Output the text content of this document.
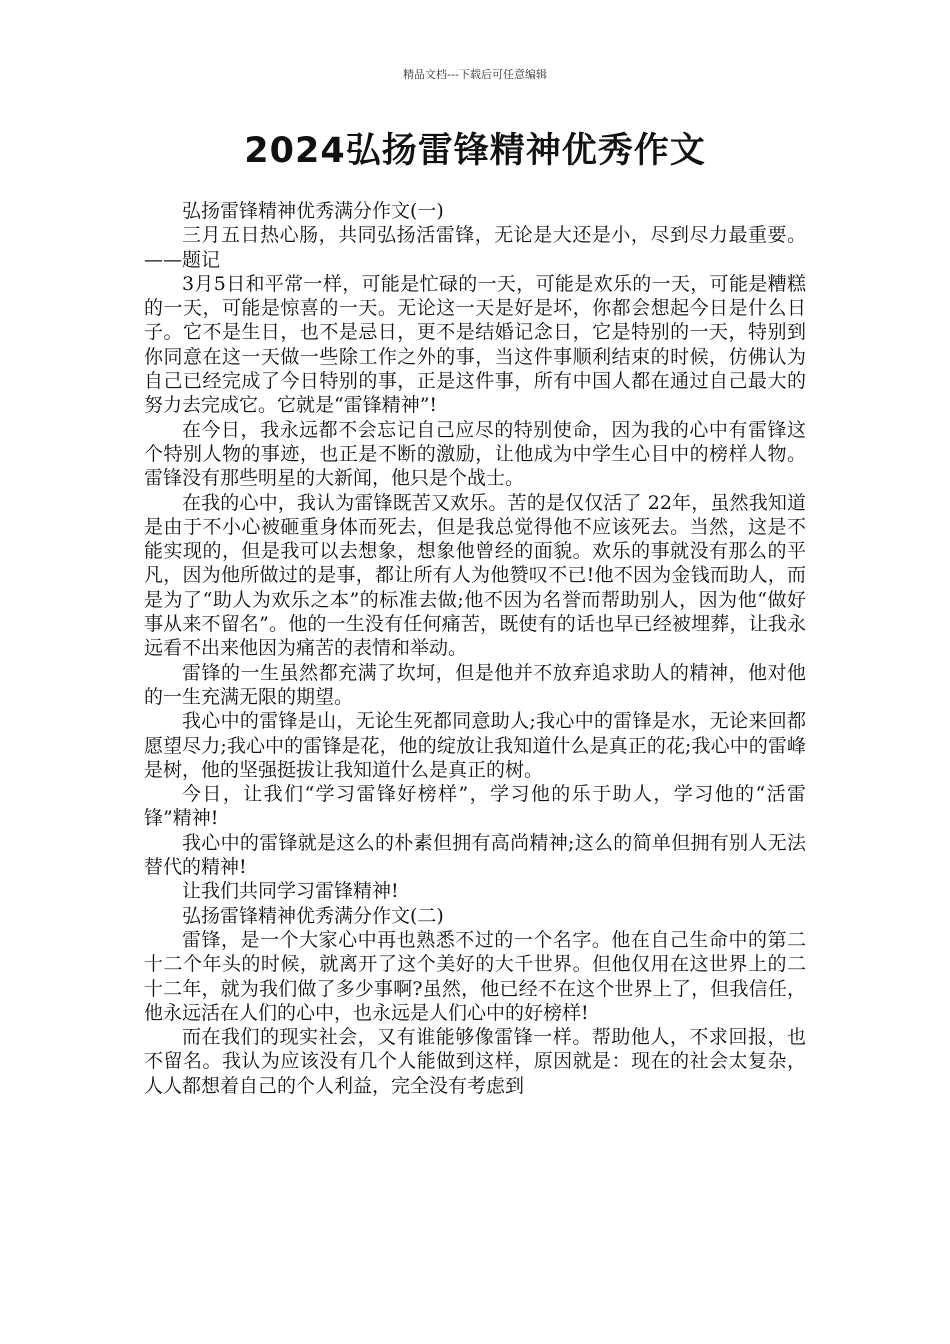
精品文档---下载后可任意编辑
2024弘扬雷锋精神优秀作文

弘扬雷锋精神优秀满分作文(一)

三月五日热心肠，共同弘扬活雷锋，无论是大还是小，尽到尽力最重要。——题记

3月5日和平常一样，可能是忙碌的一天，可能是欢乐的一天，可能是糟糕的一天，可能是惊喜的一天。无论这一天是好是坏，你都会想起今日是什么日子。它不是生日，也不是忌日，更不是结婚记念日，它是特别的一天，特别到你同意在这一天做一些除工作之外的事，当这件事顺利结束的时候，仿佛认为自己已经完成了今日特别的事，正是这件事，所有中国人都在通过自己最大的努力去完成它。它就是“雷锋精神”!

在今日，我永远都不会忘记自己应尽的特别使命，因为我的心中有雷锋这个特别人物的事迹，也正是不断的激励，让他成为中学生心目中的榜样人物。雷锋没有那些明星的大新闻，他只是个战士。

在我的心中，我认为雷锋既苦又欢乐。苦的是仅仅活了 22年，虽然我知道是由于不小心被砸重身体而死去，但是我总觉得他不应该死去。当然，这是不能实现的，但是我可以去想象，想象他曾经的面貌。欢乐的事就没有那么的平凡，因为他所做过的是事，都让所有人为他赞叹不已!他不因为金钱而助人，而是为了“助人为欢乐之本”的标准去做;他不因为名誉而帮助别人，因为他“做好事从来不留名”。他的一生没有任何痛苦，既使有的话也早已经被埋葬，让我永远看不出来他因为痛苦的表情和举动。

雷锋的一生虽然都充满了坎坷，但是他并不放弃追求助人的精神，他对他的一生充满无限的期望。

我心中的雷锋是山，无论生死都同意助人;我心中的雷锋是水，无论来回都愿望尽力;我心中的雷锋是花，他的绽放让我知道什么是真正的花;我心中的雷峰是树，他的坚强挺拔让我知道什么是真正的树。

今日，让我们“学习雷锋好榜样”，学习他的乐于助人，学习他的“活雷锋”精神!

我心中的雷锋就是这么的朴素但拥有高尚精神;这么的简单但拥有别人无法替代的精神!

让我们共同学习雷锋精神!

弘扬雷锋精神优秀满分作文(二)

雷锋，是一个大家心中再也熟悉不过的一个名字。他在自己生命中的第二十二个年头的时候，就离开了这个美好的大千世界。但他仅用在这世界上的二十二年，就为我们做了多少事啊?虽然，他已经不在这个世界上了，但我信任，他永远活在人们的心中，也永远是人们心中的好榜样!

而在我们的现实社会，又有谁能够像雷锋一样。帮助他人，不求回报，也不留名。我认为应该没有几个人能做到这样，原因就是：现在的社会太复杂，人人都想着自己的个人利益，完全没有考虑到
